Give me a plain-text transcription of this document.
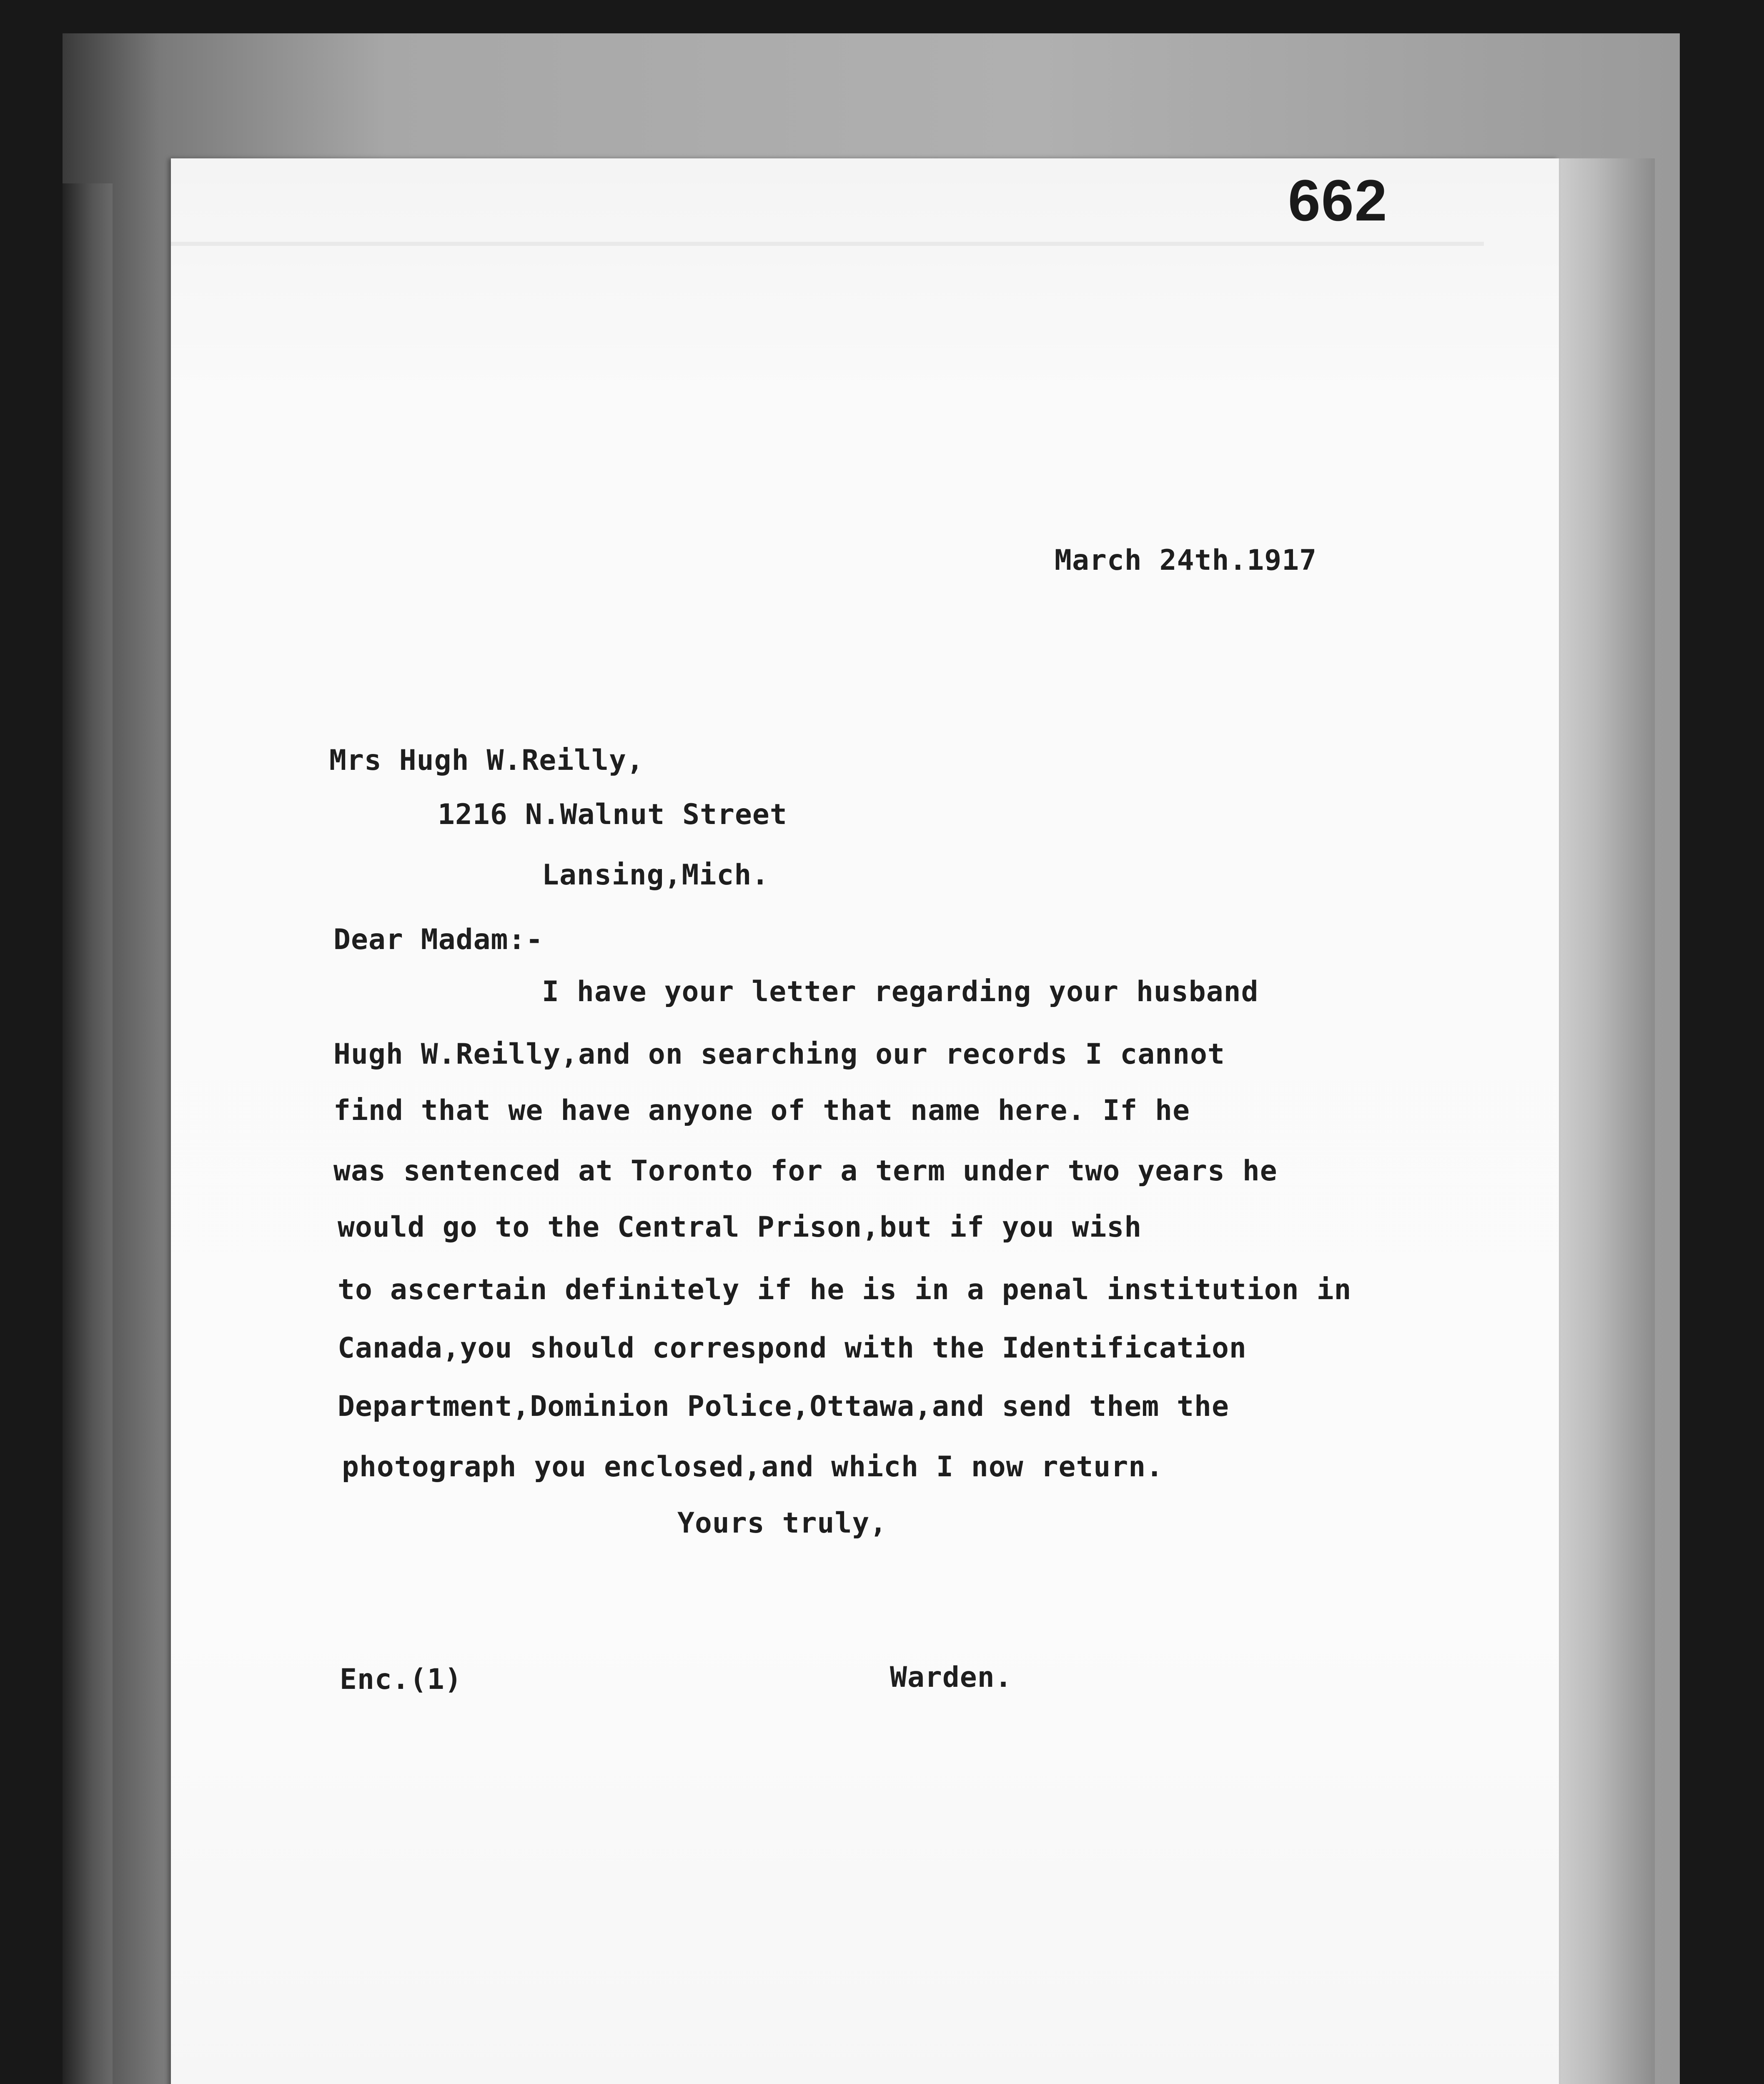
662
March 24th.1917
Mrs Hugh W.Reilly,
1216 N.Walnut Street
Lansing,Mich.
Dear Madam:-
I have your letter regarding your husband
Hugh W.Reilly,and on searching our records I cannot
find that we have anyone of that name here. If he
was sentenced at Toronto for a term under two years he
would go to the Central Prison,but if you wish
to ascertain definitely if he is in a penal institution in
Canada,you should correspond with the Identification
Department,Dominion Police,Ottawa,and send them the
photograph you enclosed,and which I now return.
Yours truly,
Enc.(1)	Warden.
